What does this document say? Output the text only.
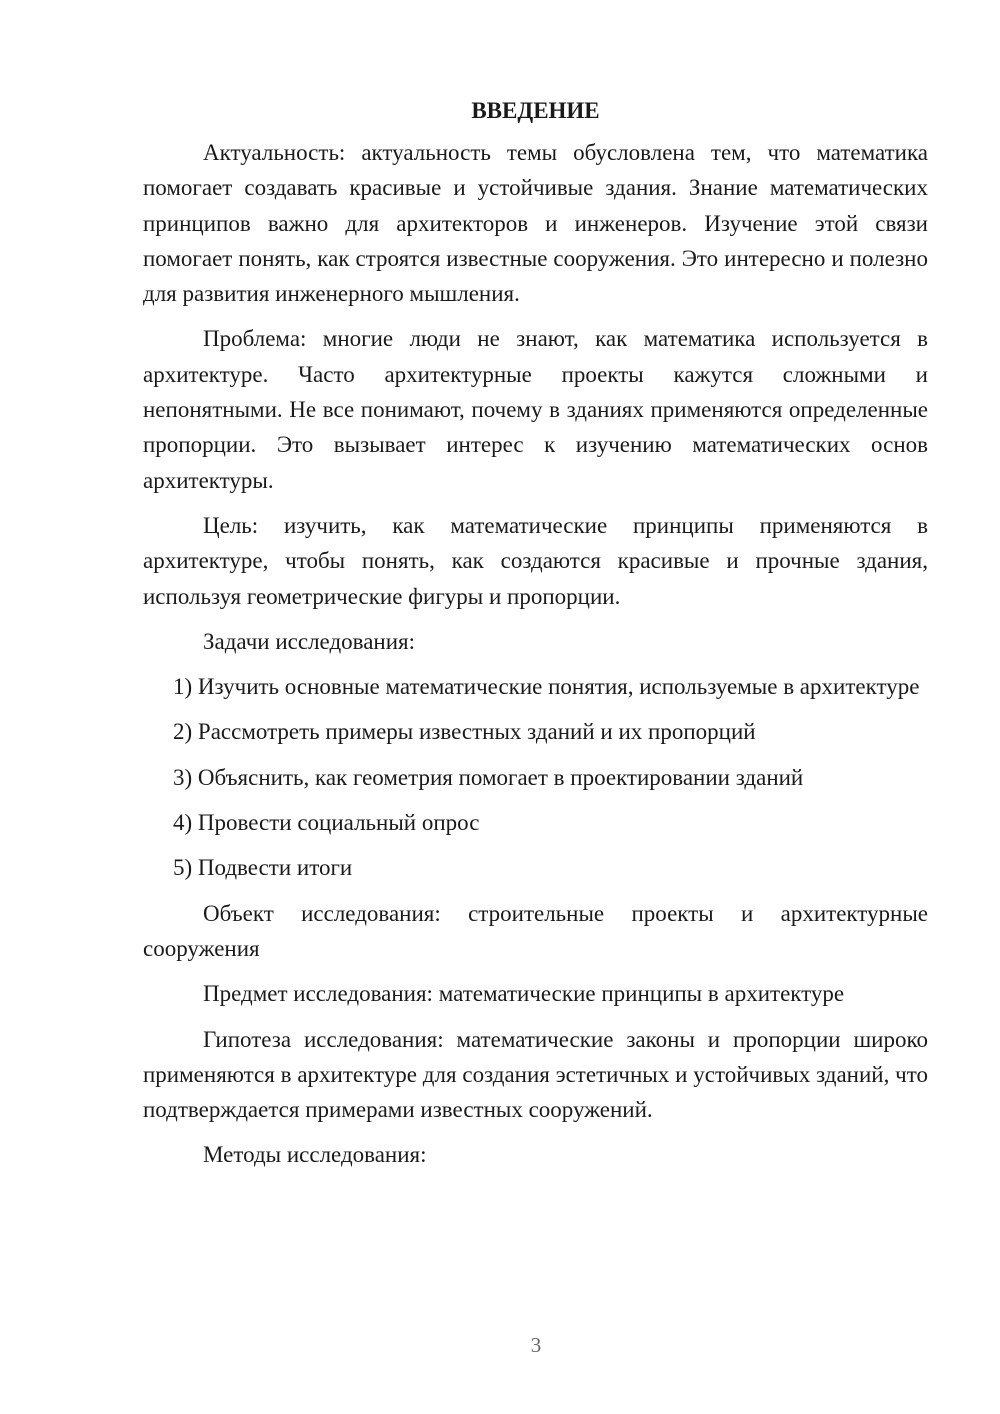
ВВЕДЕНИЕ

Актуальность: актуальность темы обусловлена тем, что математика помогает создавать красивые и устойчивые здания. Знание математических принципов важно для архитекторов и инженеров. Изучение этой связи помогает понять, как строятся известные сооружения. Это интересно и полезно для развития инженерного мышления.

Проблема: многие люди не знают, как математика используется в архитектуре. Часто архитектурные проекты кажутся сложными и непонятными. Не все понимают, почему в зданиях применяются определенные пропорции. Это вызывает интерес к изучению математических основ архитектуры.

Цель: изучить, как математические принципы применяются в архитектуре, чтобы понять, как создаются красивые и прочные здания, используя геометрические фигуры и пропорции.

Задачи исследования:

1) Изучить основные математические понятия, используемые в архитектуре

2) Рассмотреть примеры известных зданий и их пропорций

3) Объяснить, как геометрия помогает в проектировании зданий

4) Провести социальный опрос

5) Подвести итоги

Объект исследования: строительные проекты и архитектурные сооружения

Предмет исследования: математические принципы в архитектуре

Гипотеза исследования: математические законы и пропорции широко применяются в архитектуре для создания эстетичных и устойчивых зданий, что подтверждается примерами известных сооружений.

Методы исследования:

3
